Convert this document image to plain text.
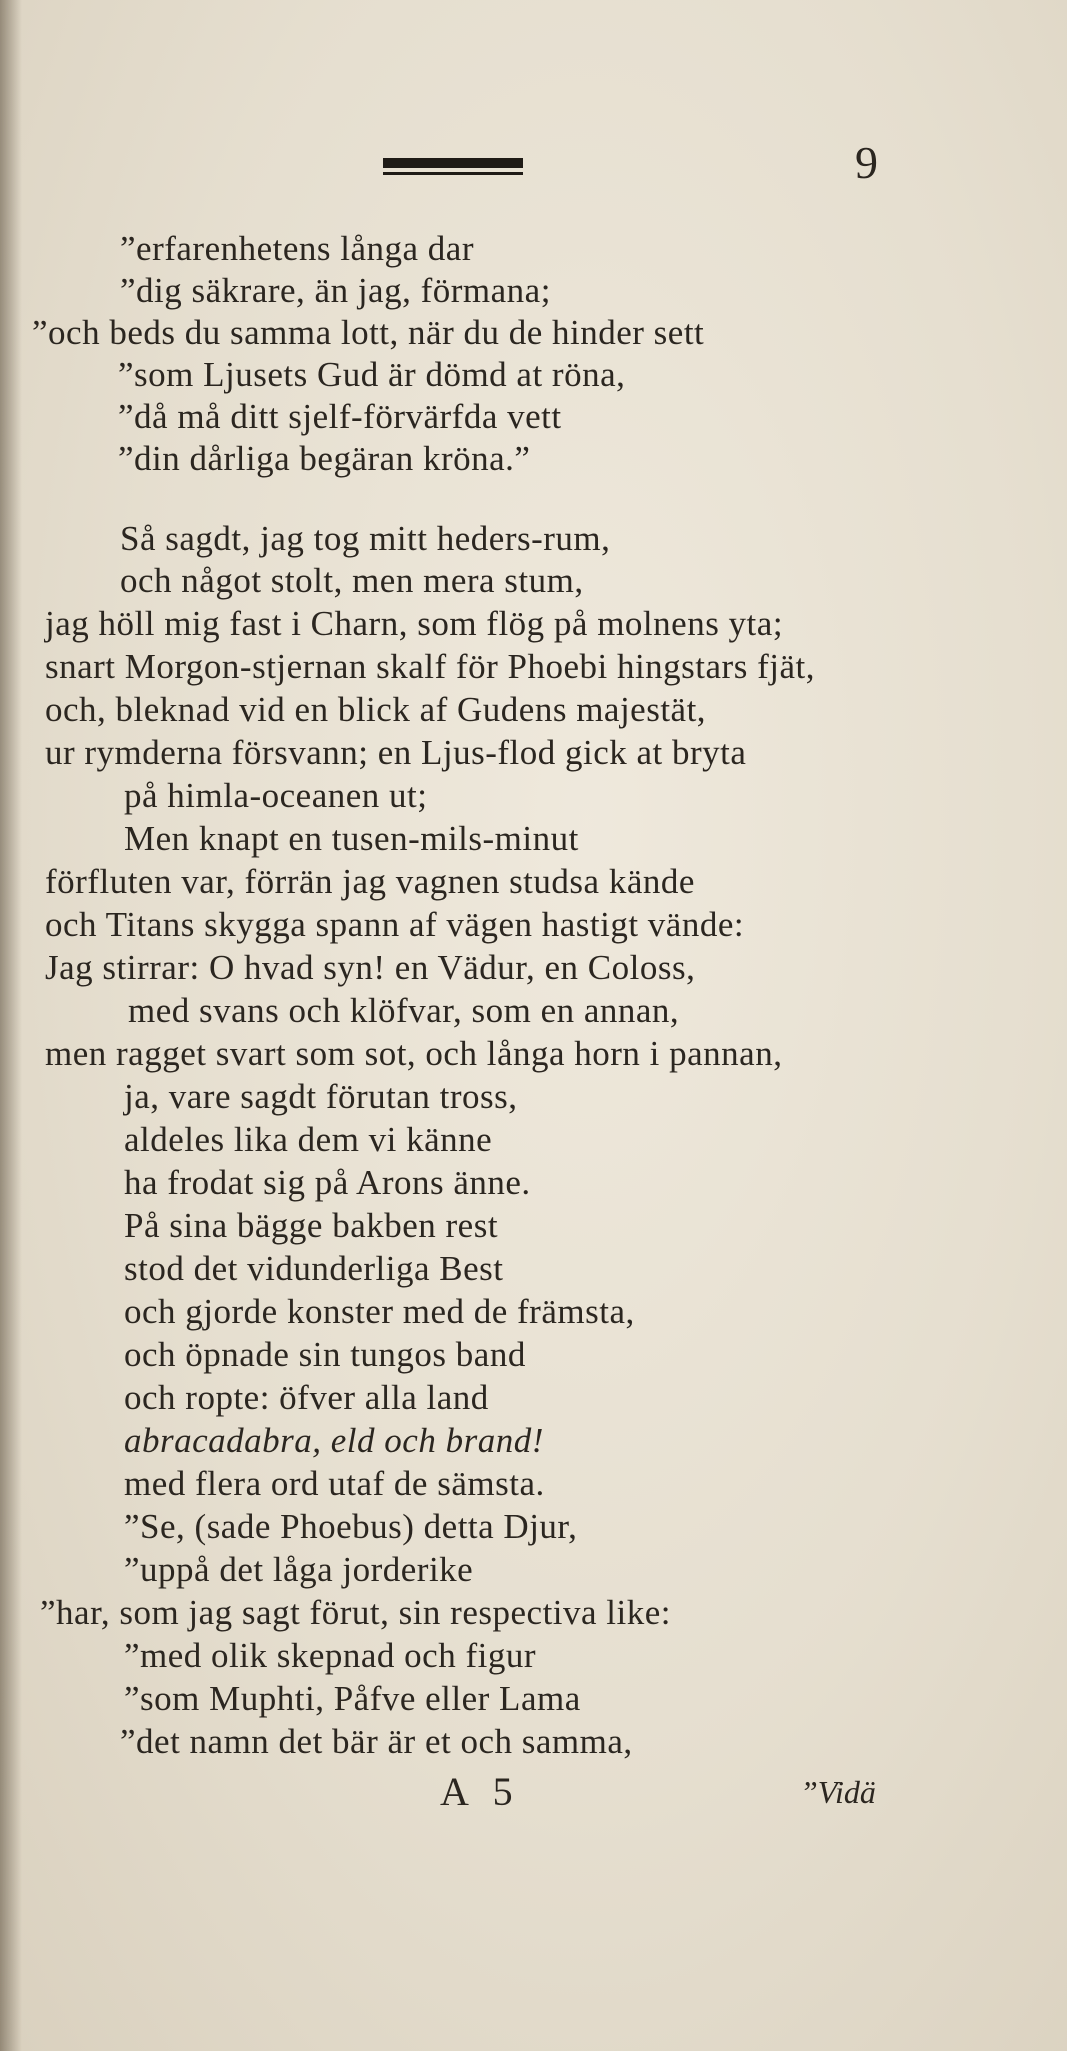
9
”erfarenhetens långa dar
”dig säkrare, än jag, förmana;
”och beds du samma lott, när du de hinder sett
”som Ljusets Gud är dömd at röna,
”då må ditt sjelf-förvärfda vett
”din dårliga begäran kröna.”
Så sagdt, jag tog mitt heders-rum,
och något stolt, men mera stum,
jag höll mig fast i Charn, som flög på molnens yta;
snart Morgon-stjernan skalf för Phoebi hingstars fjät,
och, bleknad vid en blick af Gudens majestät,
ur rymderna försvann; en Ljus-flod gick at bryta
på himla-oceanen ut;
Men knapt en tusen-mils-minut
förfluten var, förrän jag vagnen studsa kände
och Titans skygga spann af vägen hastigt vände:
Jag stirrar: O hvad syn! en Vädur, en Coloss,
med svans och klöfvar, som en annan,
men ragget svart som sot, och långa horn i pannan,
ja, vare sagdt förutan tross,
aldeles lika dem vi känne
ha frodat sig på Arons änne.
På sina bägge bakben rest
stod det vidunderliga Best
och gjorde konster med de främsta,
och öpnade sin tungos band
och ropte: öfver alla land
abracadabra, eld och brand!
med flera ord utaf de sämsta.
”Se, (sade Phoebus) detta Djur,
”uppå det låga jorderike
”har, som jag sagt förut, sin respectiva like:
”med olik skepnad och figur
”som Muphti, Påfve eller Lama
”det namn det bär är et och samma,
A 5	”Vidä
